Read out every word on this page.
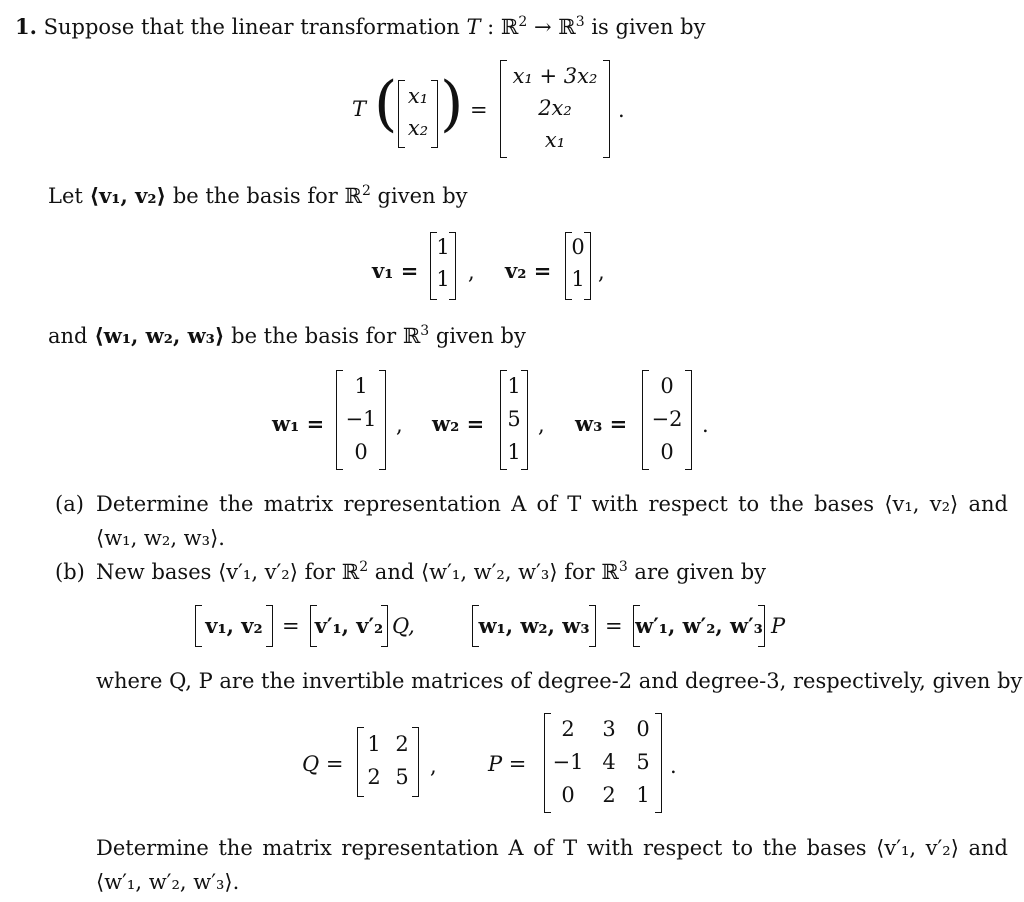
1. Suppose that the linear transformation T : ℝ$^2$ → ℝ$^3$ is given by
T ( x₁
x₂ ) =
x₁ + 3x₂
2x₂
x₁
.
Let ⟨v₁, v₂⟩ be the basis for ℝ$^2$ given by
v₁ =
1
1 , v₂ =
0
1 ,
and ⟨w₁, w₂, w₃⟩ be the basis for ℝ$^3$ given by
w₁ =
1
−1
0
, w₂ =
1
5
1
, w₃ =
0
−2
0
.
(a) Determine the matrix representation A of T with respect to the bases ⟨v₁, v₂⟩ and
⟨w₁, w₂, w₃⟩.
(b) New bases ⟨v′₁, v′₂⟩ for ℝ$^2$ and ⟨w′₁, w′₂, w′₃⟩ for ℝ$^3$ are given by
v₁, v₂ = v′₁, v′₂ Q,	w₁, w₂, w₃ = w′₁, w′₂, w′₃ P
where Q, P are the invertible matrices of degree-2 and degree-3, respectively, given by
Q =
1 2
2 5	, P =
2	3 0
−1 4 5
0	2 1
.
Determine the matrix representation A of T with respect to the bases ⟨v′₁, v′₂⟩ and
⟨w′₁, w′₂, w′₃⟩.
